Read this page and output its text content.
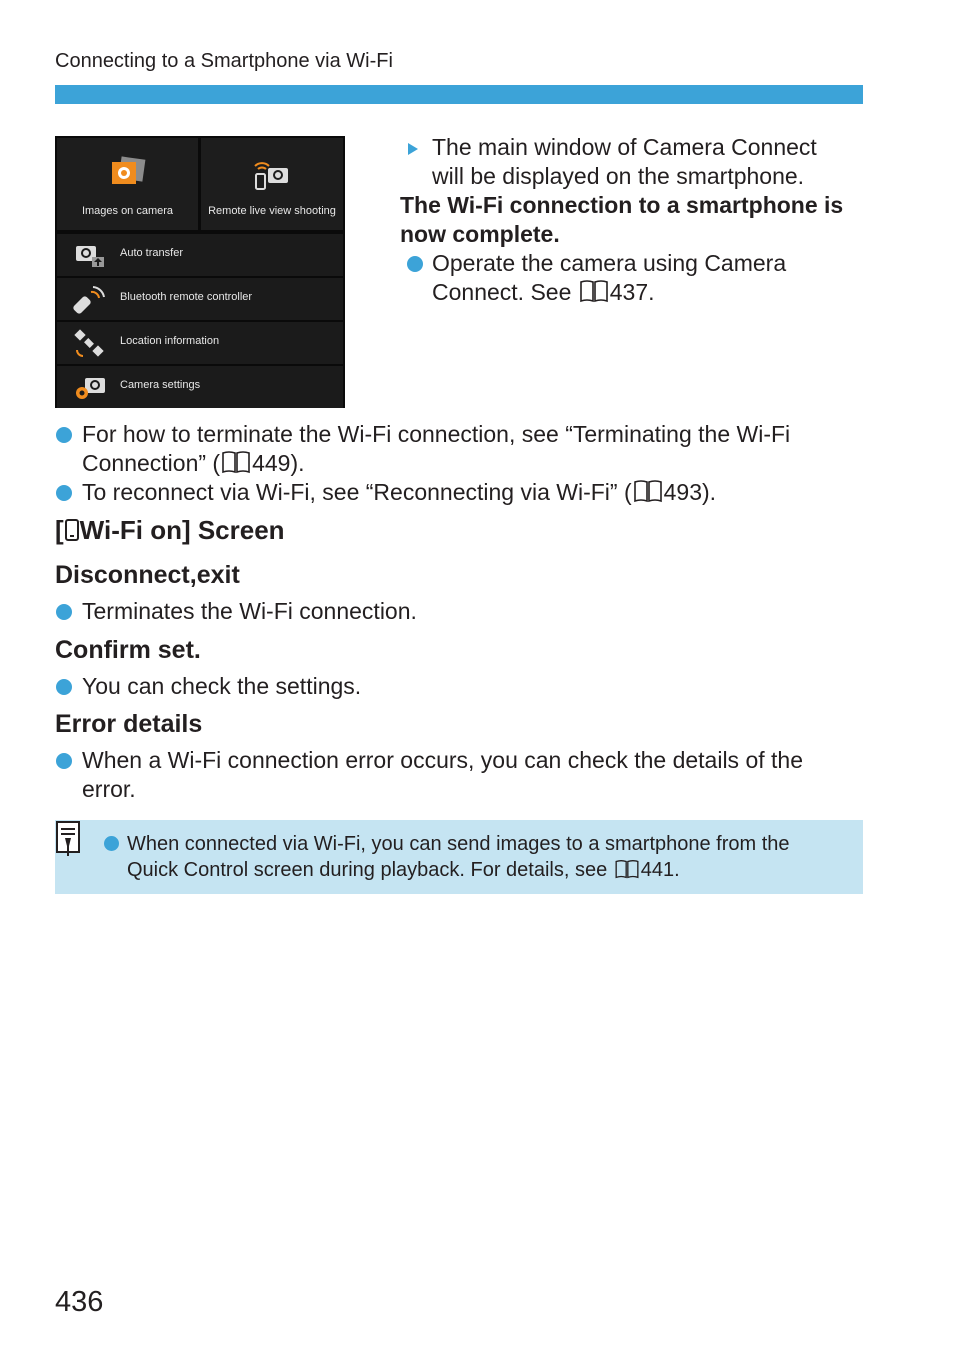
Connecting to a Smartphone via Wi-Fi
Images on camera	Remote live view shooting
Auto transfer
Bluetooth remote controller
Location information
Camera settings
The main window of Camera Connect
will be displayed on the smartphone.
The Wi-Fi connection to a smartphone is
now complete.
Operate the camera using Camera
Connect. See 437.
For how to terminate the Wi-Fi connection, see “Terminating the Wi-Fi
Connection” ( 449).
To reconnect via Wi-Fi, see “Reconnecting via Wi-Fi” ( 493).
[ Wi-Fi on] Screen
Disconnect,exit
Terminates the Wi-Fi connection.
Confirm set.
You can check the settings.
Error details
When a Wi-Fi connection error occurs, you can check the details of the
error.
When connected via Wi-Fi, you can send images to a smartphone from the
Quick Control screen during playback. For details, see 441.
436
